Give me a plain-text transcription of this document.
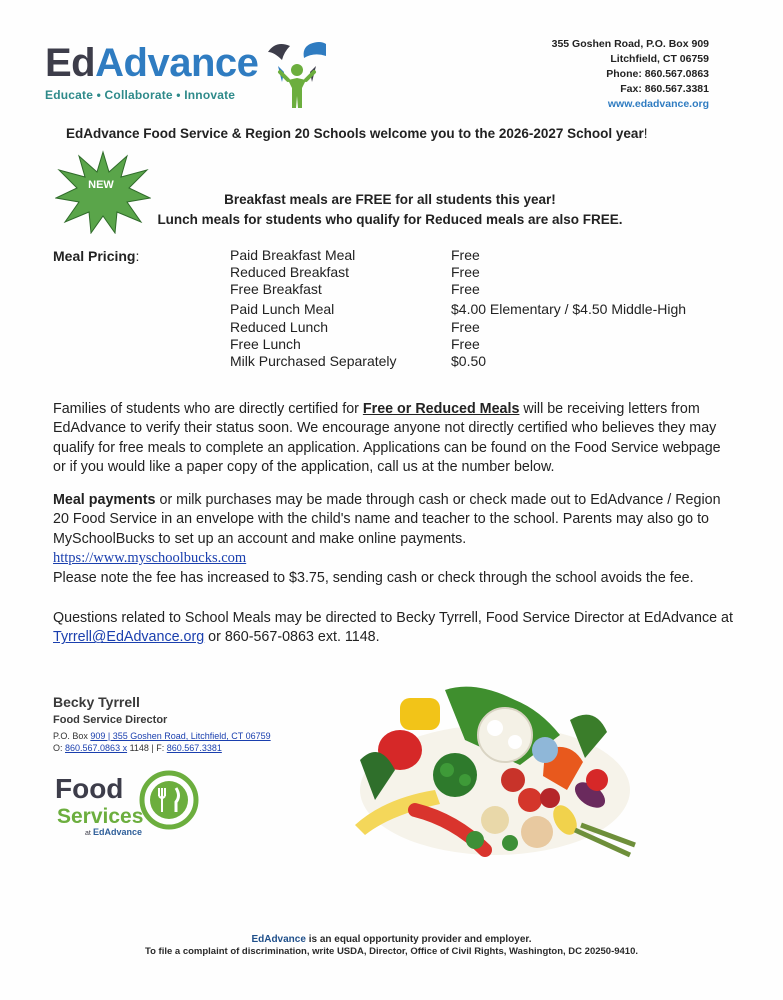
EdAdvance
Educate • Collaborate • Innovate
355 Goshen Road, P.O. Box 909
Litchfield, CT 06759
Phone: 860.567.0863
Fax: 860.567.3381
www.edadvance.org
EdAdvance Food Service & Region 20 Schools welcome you to the 2026-2027 School year!
NEW
Breakfast meals are FREE for all students this year!
Lunch meals for students who qualify for Reduced meals are also FREE.
Meal Pricing:	Paid Breakfast Meal	Free
Reduced Breakfast	Free
Free Breakfast	Free
Paid Lunch Meal	$4.00 Elementary / $4.50 Middle-High
Reduced Lunch	Free
Free Lunch	Free
Milk Purchased Separately	$0.50
Families of students who are directly certified for Free or Reduced Meals will be receiving letters from EdAdvance to verify their status soon. We encourage anyone not directly certified who believes they may qualify for free meals to complete an application. Applications can be found on the Food Service webpage or if you would like a paper copy of the application, call us at the number below.
Meal payments or milk purchases may be made through cash or check made out to EdAdvance / Region 20 Food Service in an envelope with the child's name and teacher to the school. Parents may also go to MySchoolBucks to set up an account and make online payments.
https://www.myschoolbucks.com
Please note the fee has increased to $3.75, sending cash or check through the school avoids the fee.
Questions related to School Meals may be directed to Becky Tyrrell, Food Service Director at EdAdvance at Tyrrell@EdAdvance.org or 860-567-0863 ext. 1148.
Becky Tyrrell
Food Service Director
P.O. Box 909 | 355 Goshen Road, Litchfield, CT 06759
O: 860.567.0863 x 1148 | F: 860.567.3381
Food
Services
at EdAdvance
EdAdvance is an equal opportunity provider and employer.
To file a complaint of discrimination, write USDA, Director, Office of Civil Rights, Washington, DC 20250-9410.
